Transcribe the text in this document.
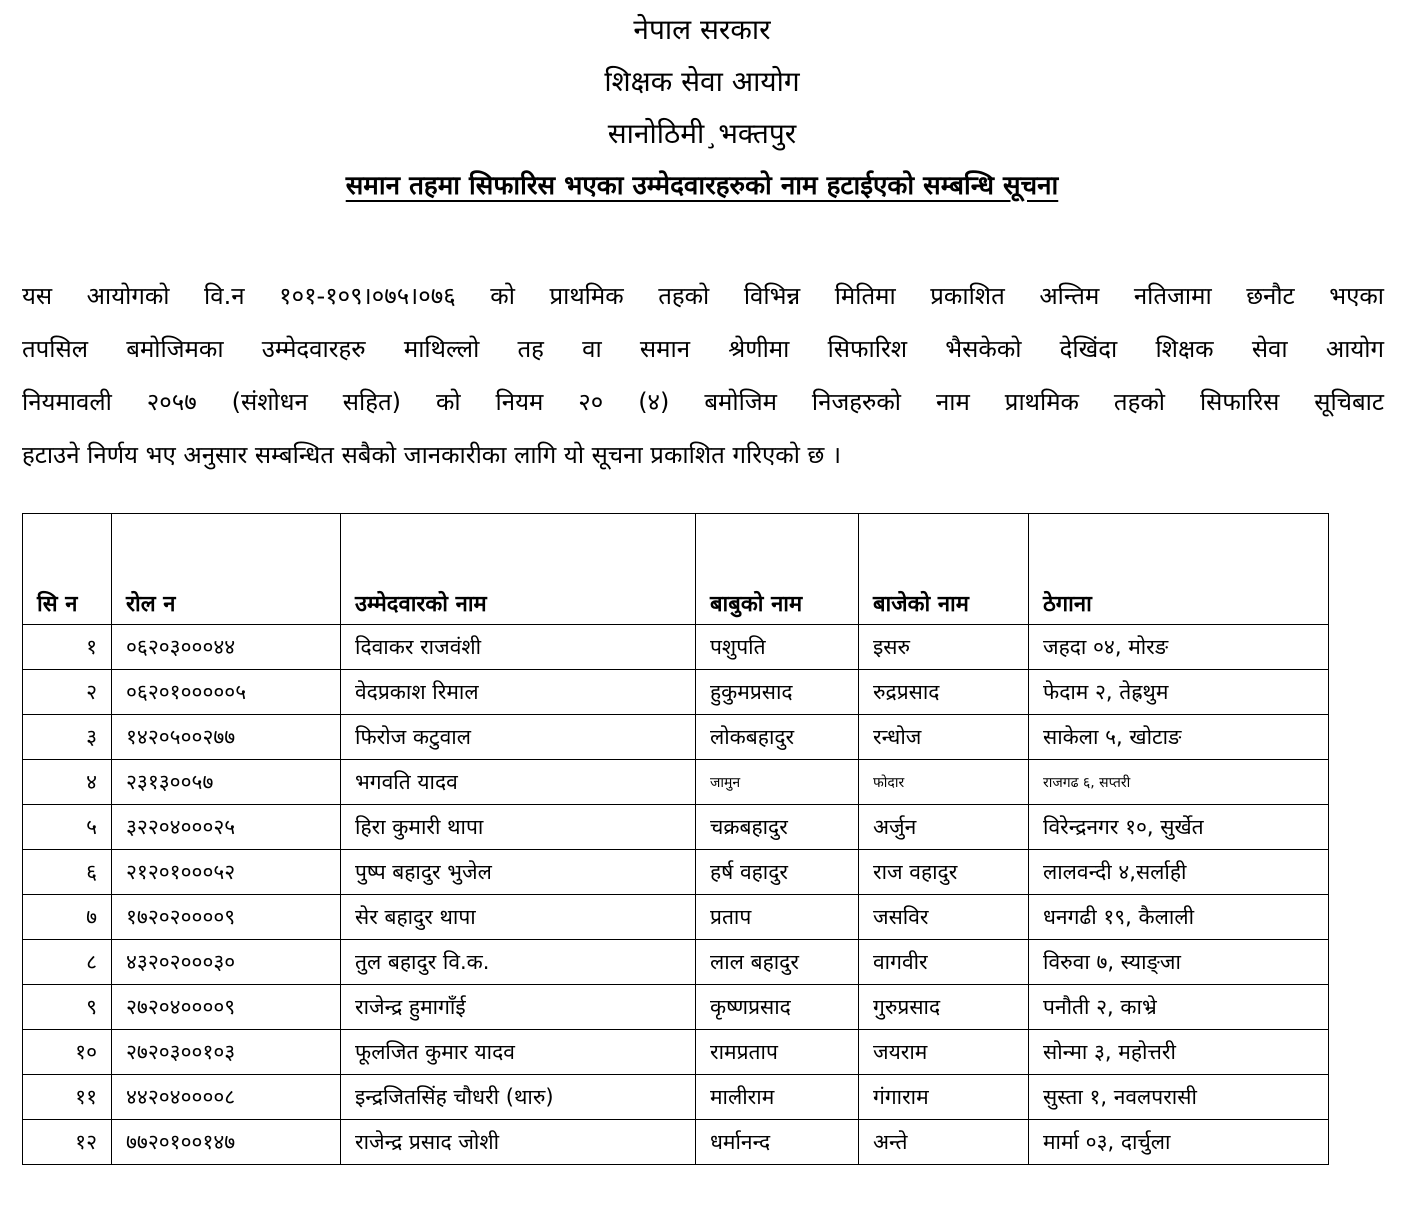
नेपाल सरकार
शिक्षक सेवा आयोग
सानोठिमी¸भक्तपुर
समान तहमा सिफारिस भएका उम्मेदवारहरुको नाम हटाईएको सम्बन्धि सूचना
यस आयोगको वि.न १०१-१०९।०७५।०७६ को प्राथमिक तहको विभिन्न मितिमा प्रकाशित अन्तिम नतिजामा छनौट भएका
तपसिल बमोजिमका उम्मेदवारहरु माथिल्लो तह वा समान श्रेणीमा सिफारिश भैसकेको देखिंदा शिक्षक सेवा आयोग
नियमावली २०५७ (संशोधन सहित) को नियम २० (४) बमोजिम निजहरुको नाम प्राथमिक तहको सिफारिस सूचिबाट
हटाउने निर्णय भए अनुसार सम्बन्धित सबैको जानकारीका लागि यो सूचना प्रकाशित गरिएको छ ।
सि न	रोल न	उम्मेदवारको नाम	बाबुको नाम	बाजेको नाम	ठेगाना
१	०६२०३०००४४	दिवाकर राजवंशी	पशुपति	इसरु	जहदा ०४, मोरङ
२	०६२०१०००००५	वेदप्रकाश रिमाल	हुकुमप्रसाद	रुद्रप्रसाद	फेदाम २, तेह्रथुम
३	१४२०५००२७७	फिरोज कटुवाल	लोकबहादुर	रन्धोज	साकेला ५, खोटाङ
४	२३१३००५७	भगवति यादव	जामुन	फोदार	राजगढ ६, सप्तरी
५	३२२०४०००२५	हिरा कुमारी थापा	चक्रबहादुर	अर्जुन	विरेन्द्रनगर १०, सुर्खेत
६	२१२०१०००५२	पुष्प बहादुर भुजेल	हर्ष वहादुर	राज वहादुर	लालवन्दी ४,सर्लाही
७	१७२०२००००९	सेर बहादुर थापा	प्रताप	जसविर	धनगढी १९, कैलाली
८	४३२०२०००३०	तुल बहादुर वि.क.	लाल बहादुर	वागवीर	विरुवा ७, स्याङ्जा
९	२७२०४००००९	राजेन्द्र हुमागाँई	कृष्णप्रसाद	गुरुप्रसाद	पनौती २, काभ्रे
१०	२७२०३००१०३	फूलजित कुमार यादव	रामप्रताप	जयराम	सोन्मा ३, महोत्तरी
११	४४२०४००००८	इन्द्रजितसिंह चौधरी (थारु)	मालीराम	गंगाराम	सुस्ता १, नवलपरासी
१२	७७२०१००१४७	राजेन्द्र प्रसाद जोशी	धर्मानन्द	अन्ते	मार्मा ०३, दार्चुला
